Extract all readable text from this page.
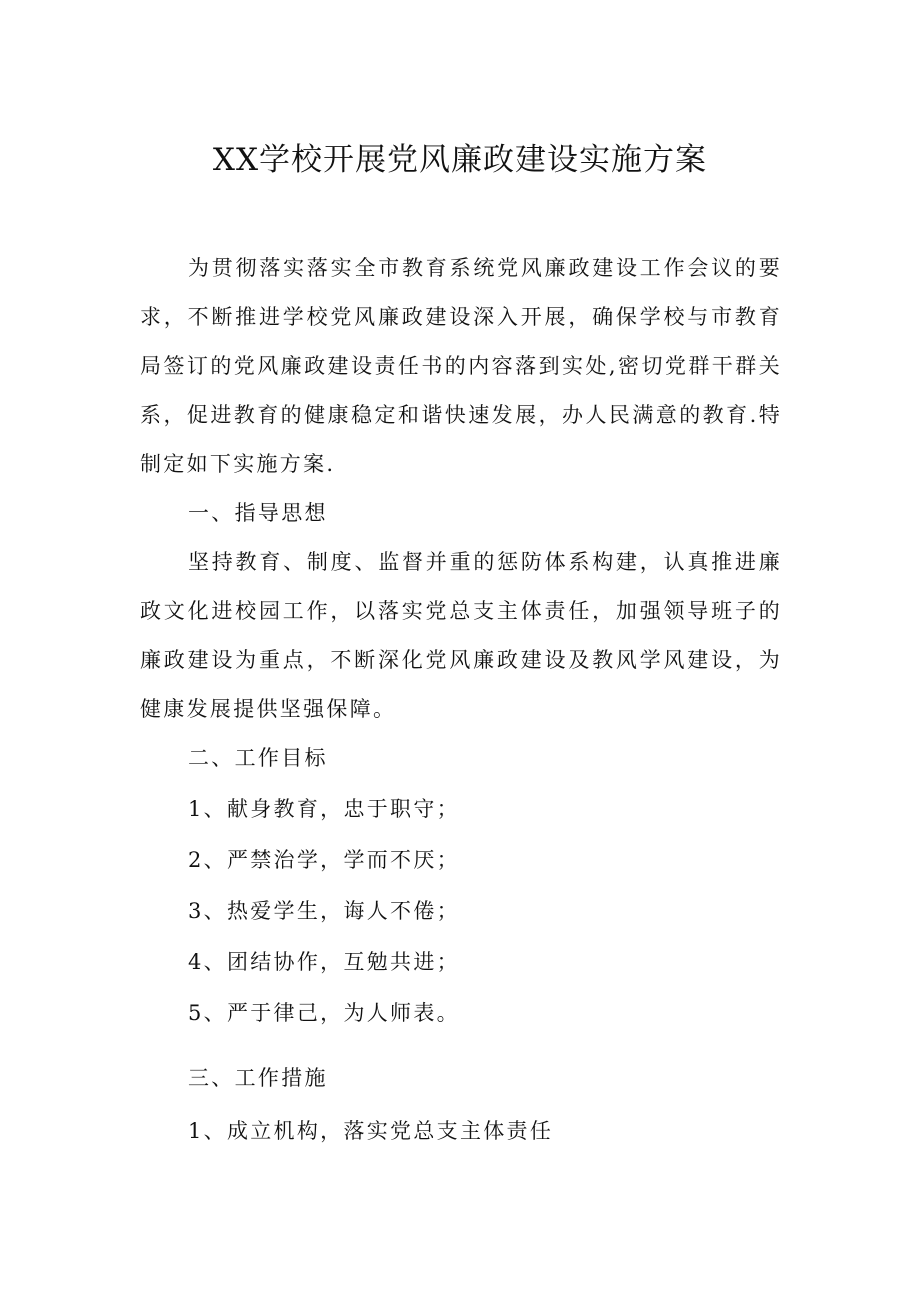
XX学校开展党风廉政建设实施方案

为贯彻落实落实全市教育系统党风廉政建设工作会议的要求，不断推进学校党风廉政建设深入开展，确保学校与市教育局签订的党风廉政建设责任书的内容落到实处,密切党群干群关系，促进教育的健康稳定和谐快速发展，办人民满意的教育.特制定如下实施方案.

一、指导思想

坚持教育、制度、监督并重的惩防体系构建，认真推进廉政文化进校园工作，以落实党总支主体责任，加强领导班子的廉政建设为重点，不断深化党风廉政建设及教风学风建设，为健康发展提供坚强保障。

二、工作目标

1、献身教育，忠于职守；

2、严禁治学，学而不厌；

3、热爱学生，诲人不倦；

4、团结协作，互勉共进；

5、严于律己，为人师表。

三、工作措施

1、成立机构，落实党总支主体责任
